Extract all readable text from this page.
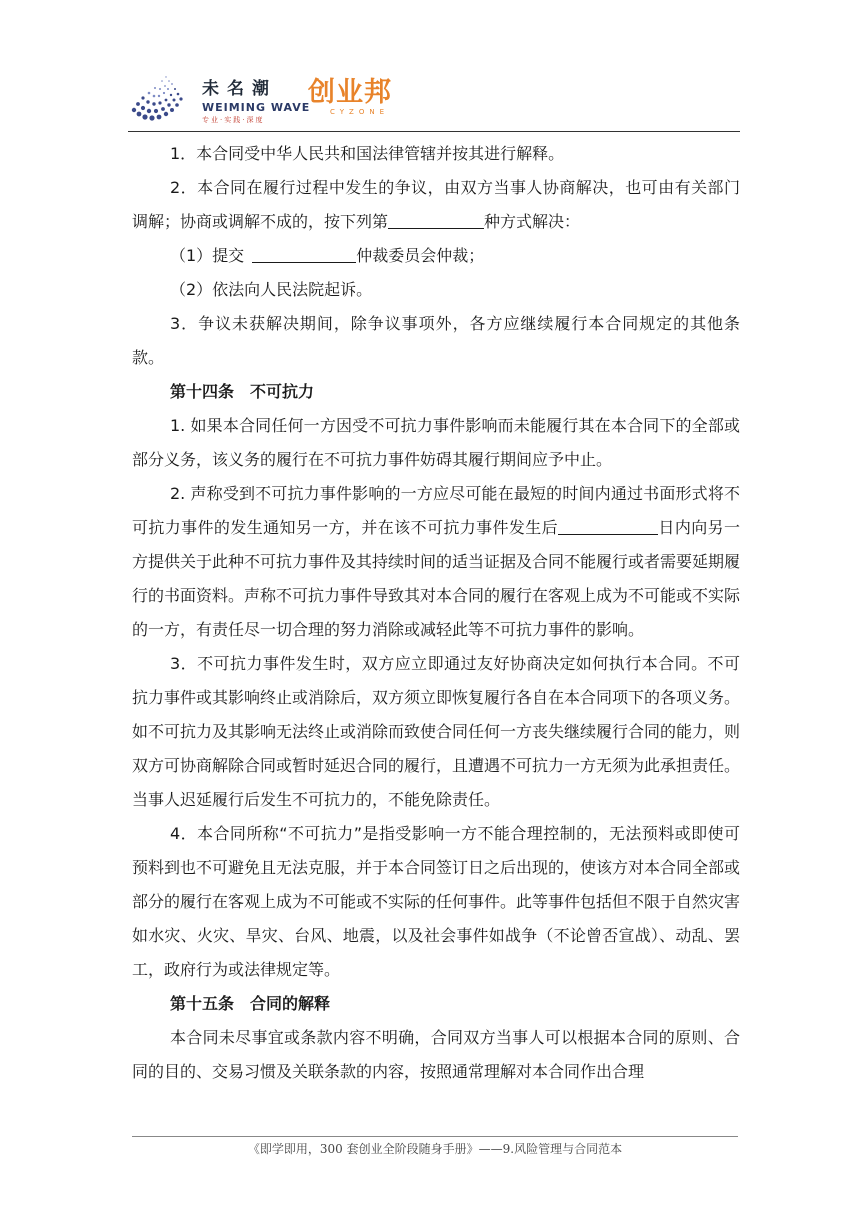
未名潮
WEIMING WAVE
专业·实践·深度
创业邦
CYZONE

1．本合同受中华人民共和国法律管辖并按其进行解释。

2．本合同在履行过程中发生的争议，由双方当事人协商解决，也可由有关部门调解；协商或调解不成的，按下列第	种方式解决：

（1）提交	仲裁委员会仲裁；

（2）依法向人民法院起诉。

3．争议未获解决期间，除争议事项外，各方应继续履行本合同规定的其他条款。

第十四条　不可抗力

1. 如果本合同任何一方因受不可抗力事件影响而未能履行其在本合同下的全部或部分义务，该义务的履行在不可抗力事件妨碍其履行期间应予中止。

2. 声称受到不可抗力事件影响的一方应尽可能在最短的时间内通过书面形式将不可抗力事件的发生通知另一方，并在该不可抗力事件发生后	日内向另一方提供关于此种不可抗力事件及其持续时间的适当证据及合同不能履行或者需要延期履行的书面资料。声称不可抗力事件导致其对本合同的履行在客观上成为不可能或不实际的一方，有责任尽一切合理的努力消除或减轻此等不可抗力事件的影响。

3．不可抗力事件发生时，双方应立即通过友好协商决定如何执行本合同。不可抗力事件或其影响终止或消除后，双方须立即恢复履行各自在本合同项下的各项义务。如不可抗力及其影响无法终止或消除而致使合同任何一方丧失继续履行合同的能力，则双方可协商解除合同或暂时延迟合同的履行，且遭遇不可抗力一方无须为此承担责任。当事人迟延履行后发生不可抗力的，不能免除责任。

4．本合同所称“不可抗力”是指受影响一方不能合理控制的，无法预料或即使可预料到也不可避免且无法克服，并于本合同签订日之后出现的，使该方对本合同全部或部分的履行在客观上成为不可能或不实际的任何事件。此等事件包括但不限于自然灾害如水灾、火灾、旱灾、台风、地震，以及社会事件如战争（不论曾否宣战）、动乱、罢工，政府行为或法律规定等。

第十五条　合同的解释

本合同未尽事宜或条款内容不明确，合同双方当事人可以根据本合同的原则、合同的目的、交易习惯及关联条款的内容，按照通常理解对本合同作出合理

《即学即用，300 套创业全阶段随身手册》——9.风险管理与合同范本
